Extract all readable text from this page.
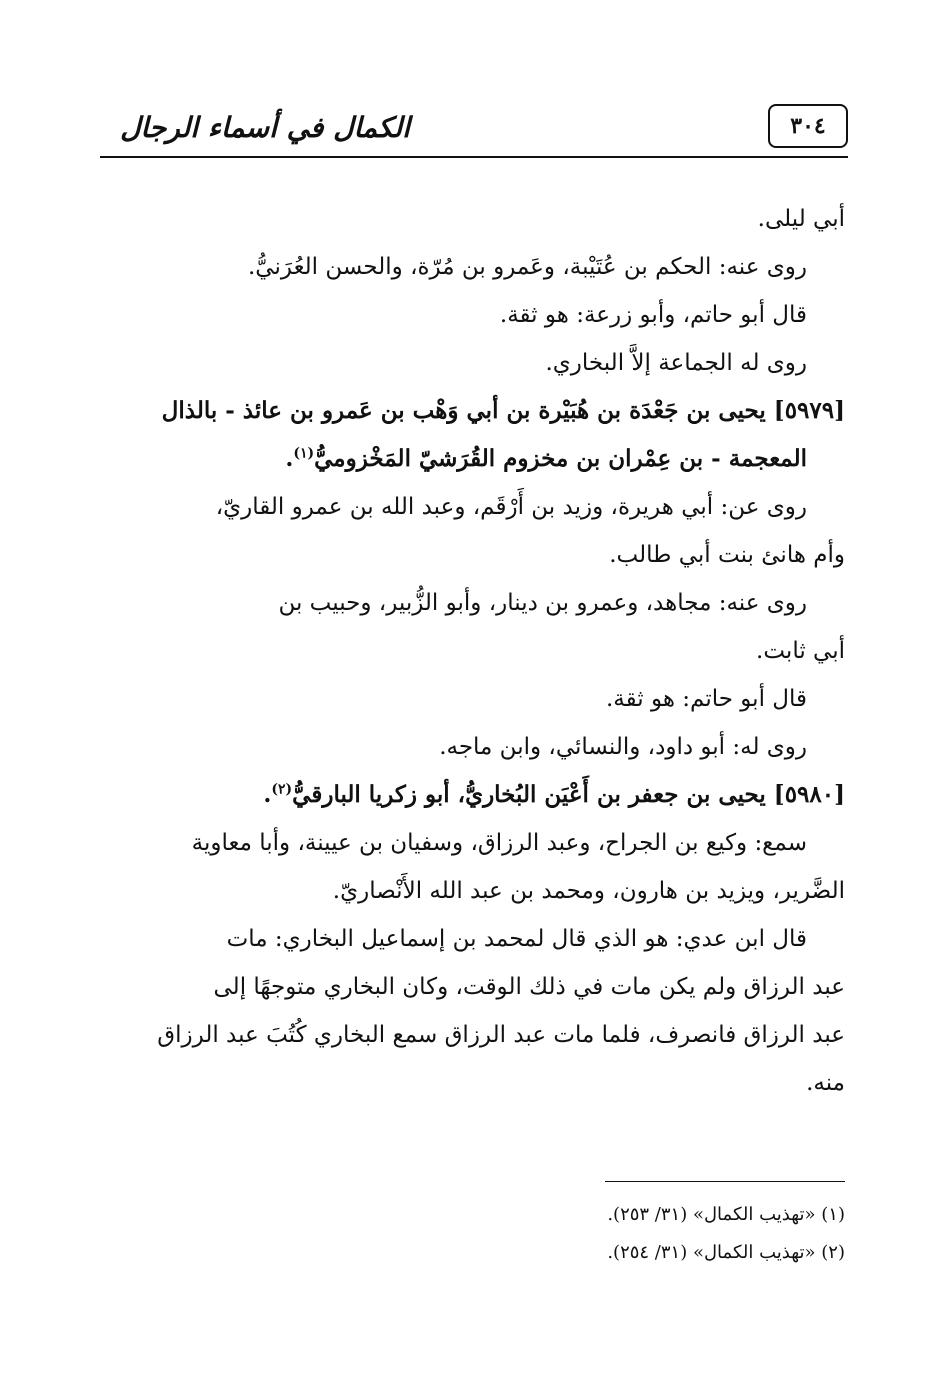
الكمال في أسماء الرجال	٣٠٤

أبي ليلى.

روى عنه: الحكم بن عُتَيْبة، وعَمرو بن مُرّة، والحسن العُرَنيُّ.

قال أبو حاتم، وأبو زرعة: هو ثقة.

روى له الجماعة إلاَّ البخاري.

[٥٩٧٩] يحيى بن جَعْدَة بن هُبَيْرة بن أبي وَهْب بن عَمرو بن عائذ - بالذال

المعجمة - بن عِمْران بن مخزوم القُرَشيّ المَخْزوميُّ$^{(١)}$.

روى عن: أبي هريرة، وزيد بن أَرْقَم، وعبد الله بن عمرو القاريّ،

وأم هانئ بنت أبي طالب.

روى عنه: مجاهد، وعمرو بن دينار، وأبو الزُّبير، وحبيب بن

أبي ثابت.

قال أبو حاتم: هو ثقة.

روى له: أبو داود، والنسائي، وابن ماجه.

[٥٩٨٠] يحيى بن جعفر بن أَعْيَن البُخاريُّ، أبو زكريا البارقيُّ$^{(٢)}$.

سمع: وكيع بن الجراح، وعبد الرزاق، وسفيان بن عيينة، وأبا معاوية

الضَّرير، ويزيد بن هارون، ومحمد بن عبد الله الأَنْصاريّ.

قال ابن عدي: هو الذي قال لمحمد بن إسماعيل البخاري: مات

عبد الرزاق ولم يكن مات في ذلك الوقت، وكان البخاري متوجهًا إلى

عبد الرزاق فانصرف، فلما مات عبد الرزاق سمع البخاري كُتُبَ عبد الرزاق

منه.

(١) «تهذيب الكمال» (٣١/ ٢٥٣).

(٢) «تهذيب الكمال» (٣١/ ٢٥٤).
